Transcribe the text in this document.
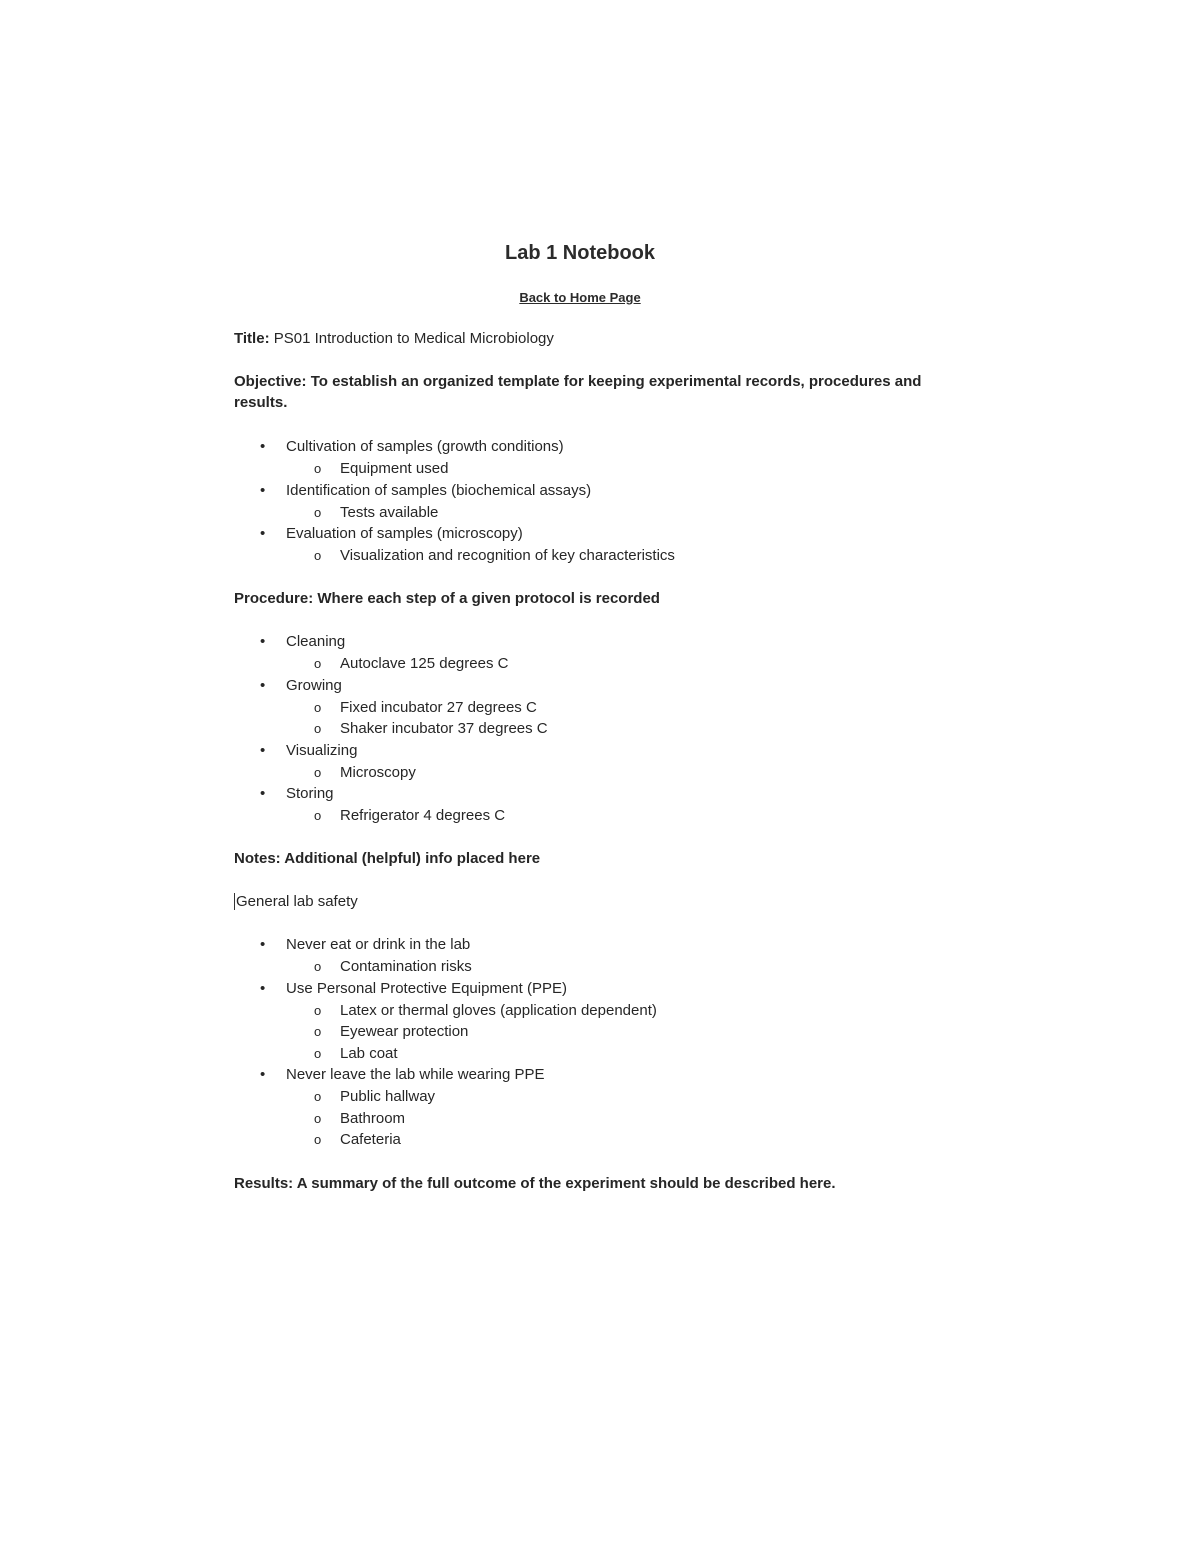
Lab 1 Notebook
Back to Home Page
Title: PS01 Introduction to Medical Microbiology
Objective: To establish an organized template for keeping experimental records, procedures and results.
• Cultivation of samples (growth conditions)
o Equipment used
• Identification of samples (biochemical assays)
o Tests available
• Evaluation of samples (microscopy)
o Visualization and recognition of key characteristics
Procedure: Where each step of a given protocol is recorded
• Cleaning
o Autoclave 125 degrees C
• Growing
o Fixed incubator 27 degrees C
o Shaker incubator 37 degrees C
• Visualizing
o Microscopy
• Storing
o Refrigerator 4 degrees C
Notes: Additional (helpful) info placed here
General lab safety
• Never eat or drink in the lab
o Contamination risks
• Use Personal Protective Equipment (PPE)
o Latex or thermal gloves (application dependent)
o Eyewear protection
o Lab coat
• Never leave the lab while wearing PPE
o Public hallway
o Bathroom
o Cafeteria
Results: A summary of the full outcome of the experiment should be described here.
